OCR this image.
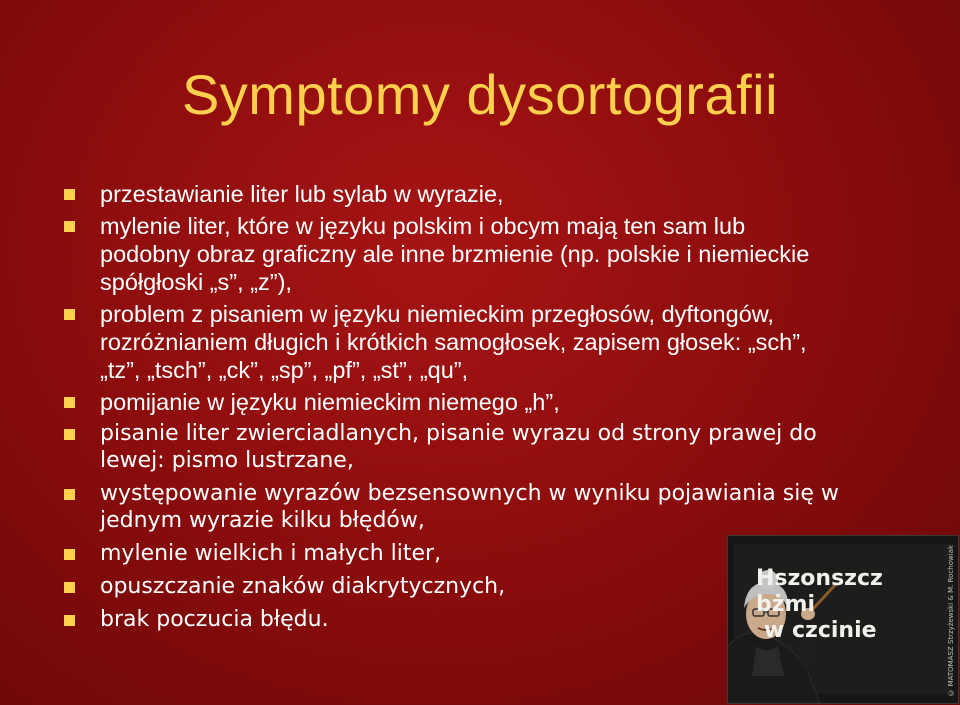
Symptomy dysortografii
przestawianie liter lub sylab w wyrazie,
mylenie liter, które w języku polskim i obcym mają ten sam lub
podobny obraz graficzny ale inne brzmienie (np. polskie i niemieckie
spółgłoski „s”, „z”),
problem z pisaniem w języku niemieckim przegłosów, dyftongów,
rozróżnianiem długich i krótkich samogłosek, zapisem głosek: „sch”,
„tz”, „tsch”, „ck”, „sp”, „pf”, „st”, „qu”,
pomijanie w języku niemieckim niemego „h”,
pisanie liter zwierciadlanych, pisanie wyrazu od strony prawej do
lewej: pismo lustrzane,
występowanie wyrazów bezsensownych w wyniku pojawiania się w
jednym wyrazie kilku błędów,
mylenie wielkich i małych liter,
opuszczanie znaków diakrytycznych,
brak poczucia błędu.
Hszonszcz bżmi
w czcinie	© MATOMASZ Strzyżewski & M. Rochowiak
